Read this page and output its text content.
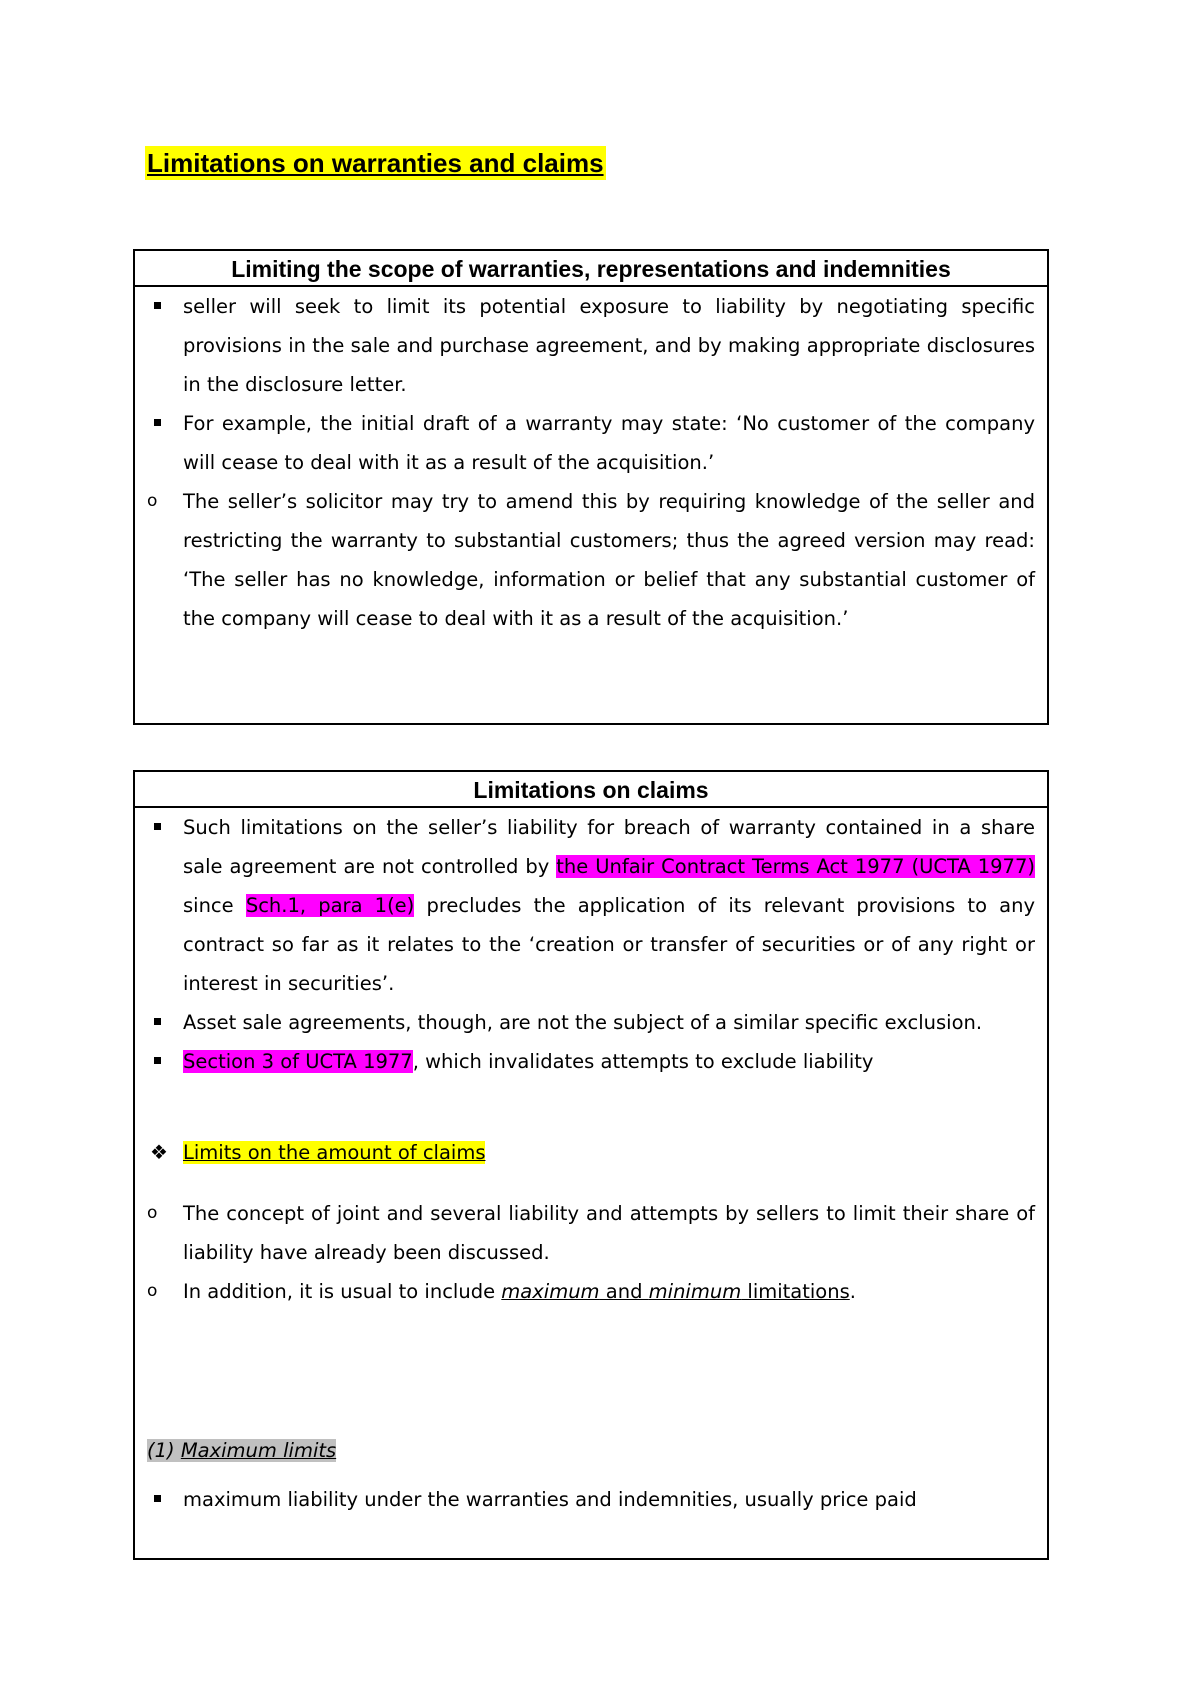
Limitations on warranties and claims
Limiting the scope of warranties, representations and indemnities
seller will seek to limit its potential exposure to liability by negotiating specific provisions in the sale and purchase agreement, and by making appropriate disclosures in the disclosure letter.
For example, the initial draft of a warranty may state: ‘No customer of the company will cease to deal with it as a result of the acquisition.’
o	The seller’s solicitor may try to amend this by requiring knowledge of the seller and restricting the warranty to substantial customers; thus the agreed version may read: ‘The seller has no knowledge, information or belief that any substantial customer of the company will cease to deal with it as a result of the acquisition.’
Limitations on claims
Such limitations on the seller’s liability for breach of warranty contained in a share sale agreement are not controlled by the Unfair Contract Terms Act 1977 (UCTA 1977) since Sch.1, para 1(e) precludes the application of its relevant provisions to any contract so far as it relates to the ‘creation or transfer of securities or of any right or interest in securities’.
Asset sale agreements, though, are not the subject of a similar specific exclusion.
Section 3 of UCTA 1977, which invalidates attempts to exclude liability
❖ Limits on the amount of claims
o	The concept of joint and several liability and attempts by sellers to limit their share of liability have already been discussed.
o	In addition, it is usual to include maximum and minimum limitations.
(1) Maximum limits
maximum liability under the warranties and indemnities, usually price paid
